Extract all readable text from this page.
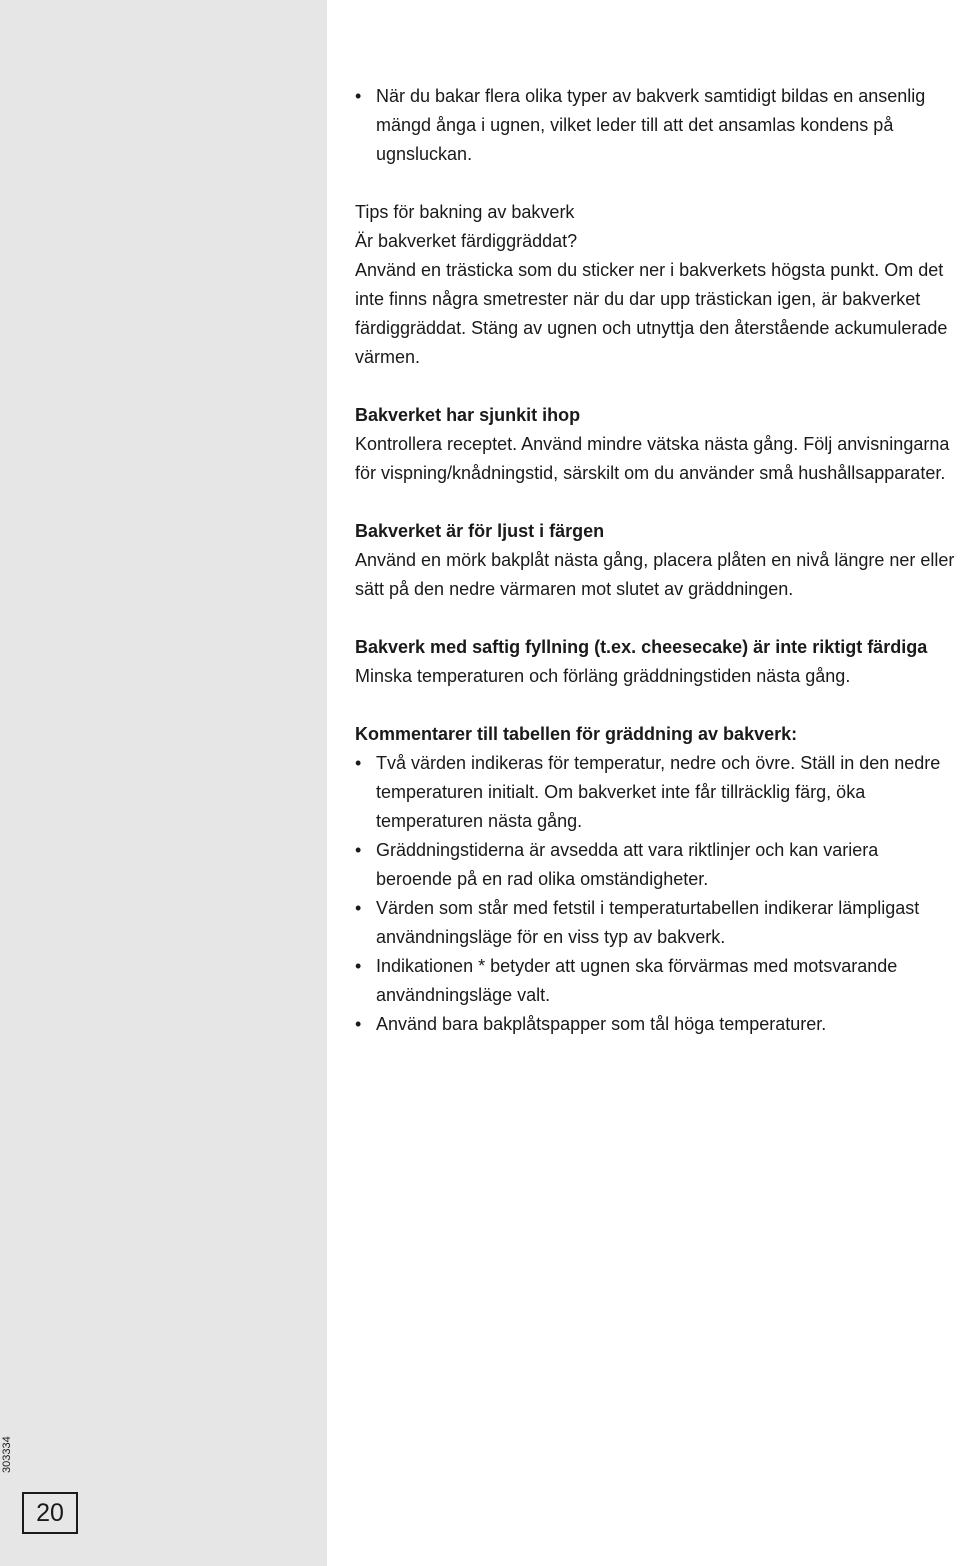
303334
20
• När du bakar flera olika typer av bakverk samtidigt bildas en ansenlig mängd ånga i ugnen, vilket leder till att det ansamlas kondens på ugnsluckan.

Tips för bakning av bakverk

Är bakverket färdiggräddat?

Använd en trästicka som du sticker ner i bakverkets högsta punkt. Om det inte finns några smetrester när du dar upp trästickan igen, är bakverket färdiggräddat. Stäng av ugnen och utnyttja den återstående ackumulerade värmen.

Bakverket har sjunkit ihop

Kontrollera receptet. Använd mindre vätska nästa gång. Följ anvisningarna för vispning/knådningstid, särskilt om du använder små hushållsapparater.

Bakverket är för ljust i färgen

Använd en mörk bakplåt nästa gång, placera plåten en nivå längre ner eller sätt på den nedre värmaren mot slutet av gräddningen.

Bakverk med saftig fyllning (t.ex. cheesecake) är inte riktigt färdiga

Minska temperaturen och förläng gräddningstiden nästa gång.

Kommentarer till tabellen för gräddning av bakverk:

• Två värden indikeras för temperatur, nedre och övre. Ställ in den nedre temperaturen initialt. Om bakverket inte får tillräcklig färg, öka temperaturen nästa gång.
• Gräddningstiderna är avsedda att vara riktlinjer och kan variera beroende på en rad olika omständigheter.
• Värden som står med fetstil i temperaturtabellen indikerar lämpligast användningsläge för en viss typ av bakverk.
• Indikationen * betyder att ugnen ska förvärmas med motsvarande användningsläge valt.
• Använd bara bakplåtspapper som tål höga temperaturer.
